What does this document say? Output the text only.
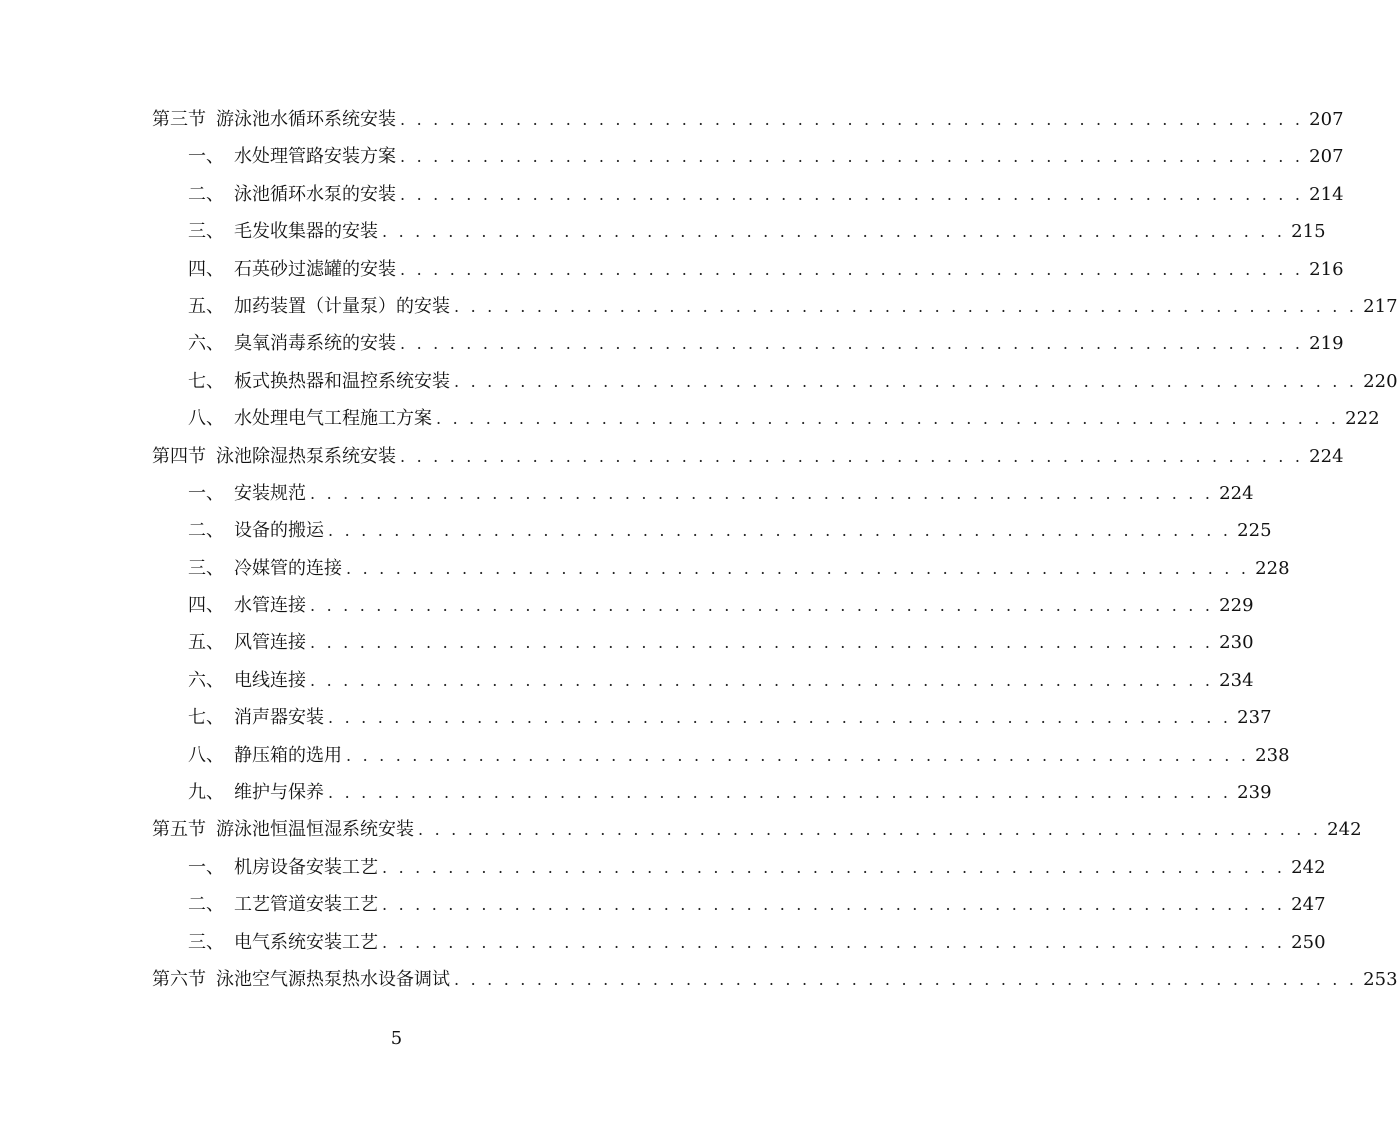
第三节 游泳池水循环系统安装 . . . . . . . . . . . . . . . . . . . . . . . . . . . . . . . . . . . . . . . . . . . . . . . . . . . . . . . 207
一、 水处理管路安装方案 . . . . . . . . . . . . . . . . . . . . . . . . . . . . . . . . . . . . . . . . . . . . . . . . . . . . . . . 207
二、 泳池循环水泵的安装 . . . . . . . . . . . . . . . . . . . . . . . . . . . . . . . . . . . . . . . . . . . . . . . . . . . . . . . 214
三、 毛发收集器的安装 . . . . . . . . . . . . . . . . . . . . . . . . . . . . . . . . . . . . . . . . . . . . . . . . . . . . . . . 215
四、 石英砂过滤罐的安装 . . . . . . . . . . . . . . . . . . . . . . . . . . . . . . . . . . . . . . . . . . . . . . . . . . . . . . . 216
五、 加药装置（计量泵）的安装 . . . . . . . . . . . . . . . . . . . . . . . . . . . . . . . . . . . . . . . . . . . . . . . . . . . . . . . 217
六、 臭氧消毒系统的安装 . . . . . . . . . . . . . . . . . . . . . . . . . . . . . . . . . . . . . . . . . . . . . . . . . . . . . . . 219
七、 板式换热器和温控系统安装 . . . . . . . . . . . . . . . . . . . . . . . . . . . . . . . . . . . . . . . . . . . . . . . . . . . . . . . 220
八、 水处理电气工程施工方案 . . . . . . . . . . . . . . . . . . . . . . . . . . . . . . . . . . . . . . . . . . . . . . . . . . . . . . . 222
第四节 泳池除湿热泵系统安装 . . . . . . . . . . . . . . . . . . . . . . . . . . . . . . . . . . . . . . . . . . . . . . . . . . . . . . . 224
一、 安装规范 . . . . . . . . . . . . . . . . . . . . . . . . . . . . . . . . . . . . . . . . . . . . . . . . . . . . . . . 224
二、 设备的搬运 . . . . . . . . . . . . . . . . . . . . . . . . . . . . . . . . . . . . . . . . . . . . . . . . . . . . . . . 225
三、 冷媒管的连接 . . . . . . . . . . . . . . . . . . . . . . . . . . . . . . . . . . . . . . . . . . . . . . . . . . . . . . . 228
四、 水管连接 . . . . . . . . . . . . . . . . . . . . . . . . . . . . . . . . . . . . . . . . . . . . . . . . . . . . . . . 229
五、 风管连接 . . . . . . . . . . . . . . . . . . . . . . . . . . . . . . . . . . . . . . . . . . . . . . . . . . . . . . . 230
六、 电线连接 . . . . . . . . . . . . . . . . . . . . . . . . . . . . . . . . . . . . . . . . . . . . . . . . . . . . . . . 234
七、 消声器安装 . . . . . . . . . . . . . . . . . . . . . . . . . . . . . . . . . . . . . . . . . . . . . . . . . . . . . . . 237
八、 静压箱的选用 . . . . . . . . . . . . . . . . . . . . . . . . . . . . . . . . . . . . . . . . . . . . . . . . . . . . . . . 238
九、 维护与保养 . . . . . . . . . . . . . . . . . . . . . . . . . . . . . . . . . . . . . . . . . . . . . . . . . . . . . . . 239
第五节 游泳池恒温恒湿系统安装 . . . . . . . . . . . . . . . . . . . . . . . . . . . . . . . . . . . . . . . . . . . . . . . . . . . . . . . 242
一、 机房设备安装工艺 . . . . . . . . . . . . . . . . . . . . . . . . . . . . . . . . . . . . . . . . . . . . . . . . . . . . . . . 242
二、 工艺管道安装工艺 . . . . . . . . . . . . . . . . . . . . . . . . . . . . . . . . . . . . . . . . . . . . . . . . . . . . . . . 247
三、 电气系统安装工艺 . . . . . . . . . . . . . . . . . . . . . . . . . . . . . . . . . . . . . . . . . . . . . . . . . . . . . . . 250
第六节 泳池空气源热泵热水设备调试 . . . . . . . . . . . . . . . . . . . . . . . . . . . . . . . . . . . . . . . . . . . . . . . . . . . . . . . 253
5
